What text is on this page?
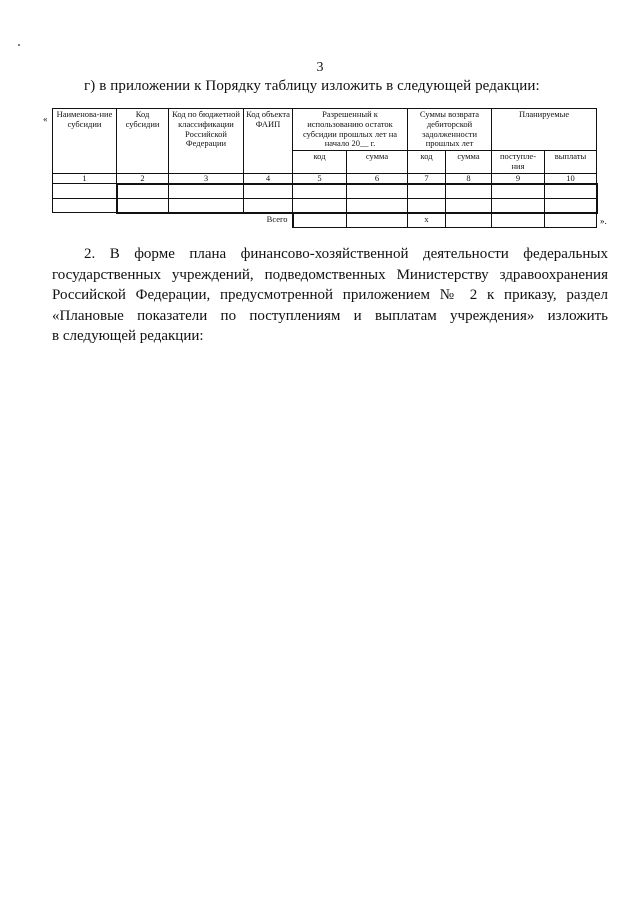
3
г) в приложении к Порядку таблицу изложить в следующей редакции:
«
».
Наименова-ние субсидии	Код субсидии	Код по бюджетной классификации Российской Федерации	Код объекта ФАИП	Разрешенный к использованию остаток субсидии прошлых лет на начало 20__ г.		Суммы возврата дебиторской задолженности прошлых лет		Планируемые	
				код	сумма	код	сумма	поступле-ния	выплаты
1	2	3	4	5	6	7	8	9	10

Всего						x			
2. В форме плана финансово-хозяйственной деятельности федеральных
государственных учреждений, подведомственных Министерству здравоохранения
Российской Федерации, предусмотренной приложением № 2 к приказу, раздел
«Плановые показатели по поступлениям и выплатам учреждения» изложить
в следующей редакции:
